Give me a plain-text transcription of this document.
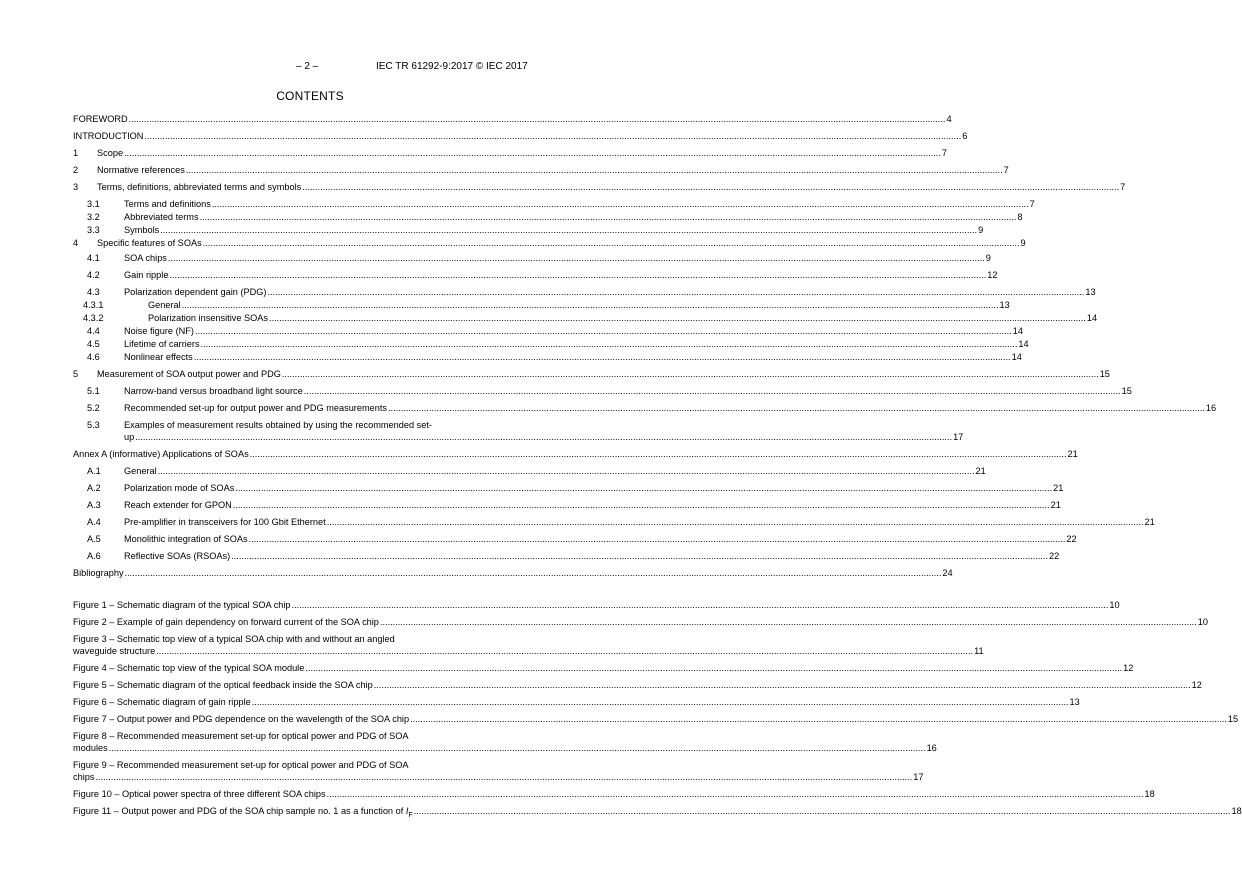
– 2 –	IEC TR 61292-9:2017 © IEC 2017
CONTENTS
FOREWORD .....	4
INTRODUCTION .....	6
1	Scope .....	7
2	Normative references .....	7
3	Terms, definitions, abbreviated terms and symbols .....	7
3.1	Terms and definitions .....	7
3.2	Abbreviated terms .....	8
3.3	Symbols .....	9
4	Specific features of SOAs .....	9
4.1	SOA chips .....	9
4.2	Gain ripple .....	12
4.3	Polarization dependent gain (PDG) .....	13
4.3.1	General .....	13
4.3.2	Polarization insensitive SOAs .....	14
4.4	Noise figure (NF) .....	14
4.5	Lifetime of carriers .....	14
4.6	Nonlinear effects .....	14
5	Measurement of SOA output power and PDG .....	15
5.1	Narrow-band versus broadband light source .....	15
5.2	Recommended set-up for output power and PDG measurements .....	16
5.3	Examples of measurement results obtained by using the recommended set-
up .....	17
Annex A (informative) Applications of SOAs .....	21
A.1	General .....	21
A.2	Polarization mode of SOAs .....	21
A.3	Reach extender for GPON .....	21
A.4	Pre-amplifier in transceivers for 100 Gbit Ethernet .....	21
A.5	Monolithic integration of SOAs .....	22
A.6	Reflective SOAs (RSOAs) .....	22
Bibliography .....	24
Figure 1 – Schematic diagram of the typical SOA chip .....	10
Figure 2 – Example of gain dependency on forward current of the SOA chip .....	10
Figure 3 – Schematic top view of a typical SOA chip with and without an angled
waveguide structure .....	11
Figure 4 – Schematic top view of the typical SOA module .....	12
Figure 5 – Schematic diagram of the optical feedback inside the SOA chip .....	12
Figure 6 – Schematic diagram of gain ripple .....	13
Figure 7 – Output power and PDG dependence on the wavelength of the SOA chip .....	15
Figure 8 – Recommended measurement set-up for optical power and PDG of SOA
modules .....	16
Figure 9 – Recommended measurement set-up for optical power and PDG of SOA
chips .....	17
Figure 10 – Optical power spectra of three different SOA chips .....	18
Figure 11 – Output power and PDG of the SOA chip sample no. 1 as a function of $I_F$ .....	18
